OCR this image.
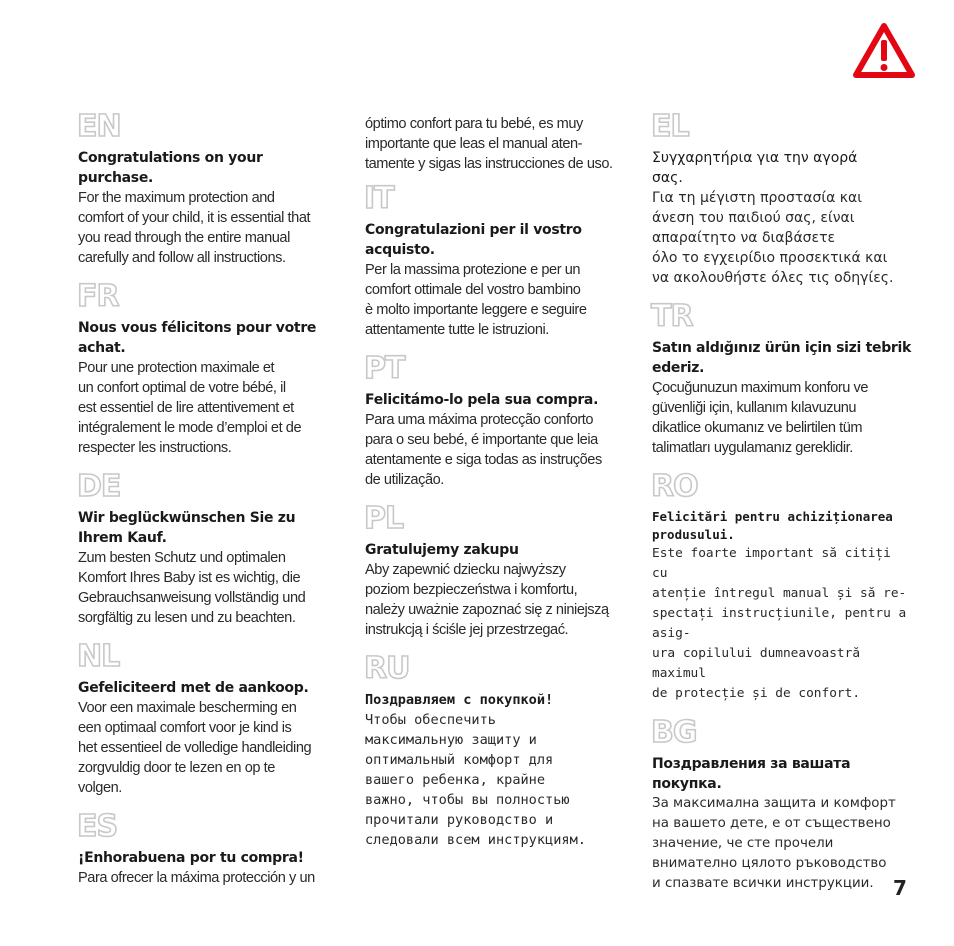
EN
Congratulations on your purchase.
For the maximum protection and
comfort of your child, it is essential that
you read through the entire manual
carefully and follow all instructions.
FR
Nous vous félicitons pour votre
achat.
Pour une protection maximale et
un confort optimal de votre bébé, il
est essentiel de lire attentivement et
intégralement le mode d’emploi et de
respecter les instructions.
DE
Wir beglückwünschen Sie zu
Ihrem Kauf.
Zum besten Schutz und optimalen
Komfort Ihres Baby ist es wichtig, die
Gebrauchsanweisung vollständig und
sorgfältig zu lesen und zu beachten.
NL
Gefeliciteerd met de aankoop.
Voor een maximale bescherming en
een optimaal comfort voor je kind is
het essentieel de volledige handleiding
zorgvuldig door te lezen en op te
volgen.
ES
¡Enhorabuena por tu compra!
Para ofrecer la máxima protección y un
óptimo confort para tu bebé, es muy
importante que leas el manual aten-
tamente y sigas las instrucciones de uso.
IT
Congratulazioni per il vostro
acquisto.
Per la massima protezione e per un
comfort ottimale del vostro bambino
è molto importante leggere e seguire
attentamente tutte le istruzioni.
PT
Felicitámo-lo pela sua compra.
Para uma máxima protecção conforto
para o seu bebé, é importante que leia
atentamente e siga todas as instruções
de utilização.
PL
Gratulujemy zakupu
Aby zapewnić dziecku najwyższy
poziom bezpieczeństwa i komfortu,
należy uważnie zapoznać się z niniejszą
instrukcją i ściśle jej przestrzegać.
RU
Поздравляем с покупкой!
Чтобы обеспечить
максимальную защиту и
оптимальный комфорт для
вашего ребенка, крайне
важно, чтобы вы полностью
прочитали руководство и
следовали всем инструкциям.
EL
Συγχαρητήρια για την αγορά
σας.
Για τη μέγιστη προστασία και
άνεση του παιδιού σας, είναι
απαραίτητο να διαβάσετε
όλο το εγχειρίδιο προσεκτικά και
να ακολουθήστε όλες τις οδηγίες.
TR
Satın aldığınız ürün için sizi tebrik
ederiz.
Çocuğunuzun maximum konforu ve
güvenliği için, kullanım kılavuzunu
dikatlice okumanız ve belirtilen tüm
talimatları uygulamanız gereklidir.
RO
Felicitări pentru achiziționarea
produsului.
Este foarte important să citiți cu
atenție întregul manual și să re-
spectați instrucțiunile, pentru a asig-
ura copilului dumneavoastră maximul
de protecție și de confort.
BG
Поздравления за вашата
покупка.
За максимална защита и комфорт
на вашето дете, е от съществено
значение, че сте прочели
внимателно цялото ръководство
и спазвате всички инструкции. 7
